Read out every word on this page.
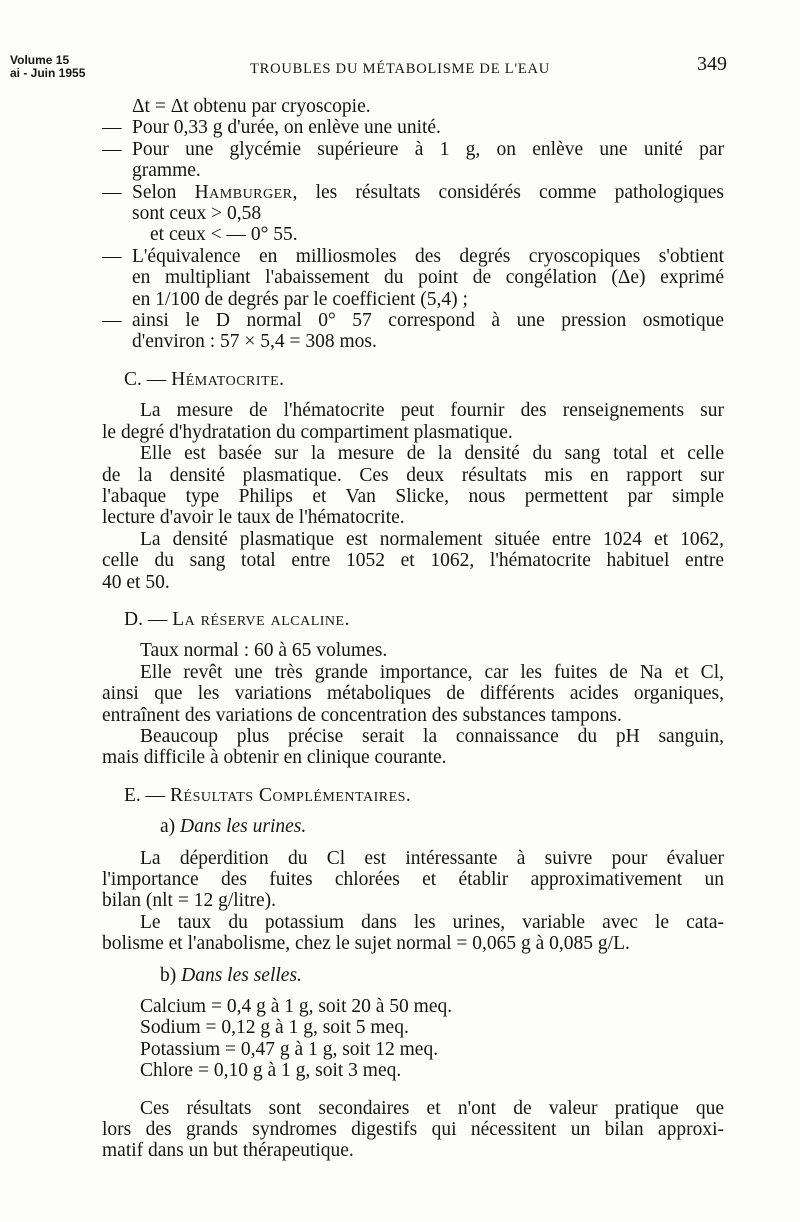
Volume 15
ai - Juin 1955	TROUBLES DU MÉTABOLISME DE L'EAU	349
Δt = Δt obtenu par cryoscopie.
— Pour 0,33 g d'urée, on enlève une unité.
— Pour une glycémie supérieure à 1 g, on enlève une unité par
gramme.
— Selon Hamburger, les résultats considérés comme pathologiques
sont ceux > 0,58
et ceux < — 0° 55.
— L'équivalence en milliosmoles des degrés cryoscopiques s'obtient
en multipliant l'abaissement du point de congélation (Δe) exprimé
en 1/100 de degrés par le coefficient (5,4) ;
— ainsi le D normal 0° 57 correspond à une pression osmotique
d'environ : 57 × 5,4 = 308 mos.
C. — Hématocrite.
La mesure de l'hématocrite peut fournir des renseignements sur
le degré d'hydratation du compartiment plasmatique.
Elle est basée sur la mesure de la densité du sang total et celle
de la densité plasmatique. Ces deux résultats mis en rapport sur
l'abaque type Philips et Van Slicke, nous permettent par simple
lecture d'avoir le taux de l'hématocrite.
La densité plasmatique est normalement située entre 1024 et 1062,
celle du sang total entre 1052 et 1062, l'hématocrite habituel entre
40 et 50.
D. — La réserve alcaline.
Taux normal : 60 à 65 volumes.
Elle revêt une très grande importance, car les fuites de Na et Cl,
ainsi que les variations métaboliques de différents acides organiques,
entraînent des variations de concentration des substances tampons.
Beaucoup plus précise serait la connaissance du pH sanguin,
mais difficile à obtenir en clinique courante.
E. — Résultats Complémentaires.
a) Dans les urines.
La déperdition du Cl est intéressante à suivre pour évaluer
l'importance des fuites chlorées et établir approximativement un
bilan (nlt = 12 g/litre).
Le taux du potassium dans les urines, variable avec le cata-
bolisme et l'anabolisme, chez le sujet normal = 0,065 g à 0,085 g/L.
b) Dans les selles.
Calcium = 0,4 g à 1 g, soit 20 à 50 meq.
Sodium = 0,12 g à 1 g, soit 5 meq.
Potassium = 0,47 g à 1 g, soit 12 meq.
Chlore = 0,10 g à 1 g, soit 3 meq.
Ces résultats sont secondaires et n'ont de valeur pratique que
lors des grands syndromes digestifs qui nécessitent un bilan approxi-
matif dans un but thérapeutique.
